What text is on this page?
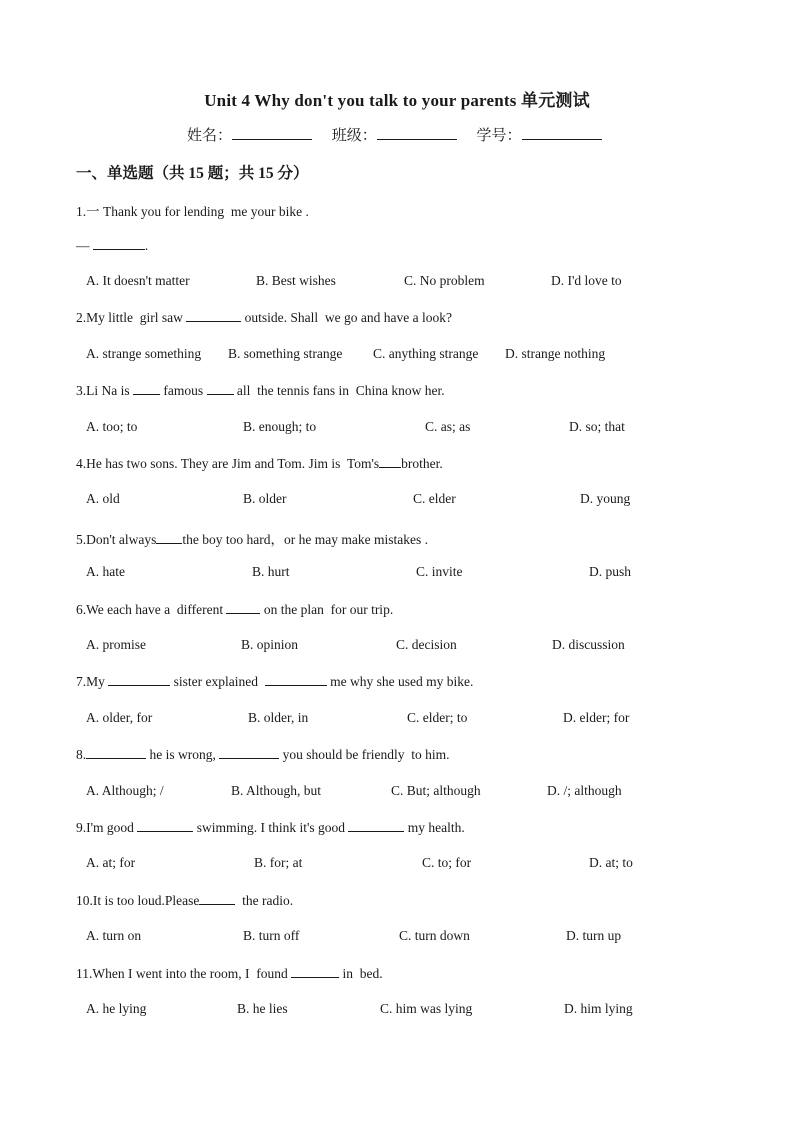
Unit 4 Why don't you talk to your parents 单元测试
姓名：	班级：	学号：
一、单选题（共 15 题；共 15 分）
1.一 Thank you for lending  me your bike .
—	.
A. It doesn't matter	B. Best wishes	C. No problem	D. I'd love to
2.My little  girl saw	outside. Shall  we go and have a look?
A. strange something B. something strange C. anything strange D. strange nothing
3.Li Na is  famous  all  the tennis fans in  China know her.
A. too; to	B. enough; to	C. as; as	D. so; that
4.He has two sons. They are Jim and Tom. Jim is  Tom's brother.
A. old	B. older	C. elder	D. young
5.Don't always the boy too hard，or he may make mistakes .
A. hate	B. hurt	C. invite	D. push
6.We each have a  different	on the plan  for our trip.
A. promise	B. opinion	C. decision	D. discussion
7.My	sister explained	me why she used my bike.
A. older, for	B. older, in	C. elder; to	D. elder; for
8.	he is wrong,	you should be friendly  to him.
A. Although; /	B. Although, but	C. But; although	D. /; although
9.I'm good	swimming. I think it's good	my health.
A. at; for	B. for; at	C. to; for	D. at; to
10.It is too loud.Please	the radio.
A. turn on	B. turn off	C. turn down	D. turn up
11.When I went into the room, I  found	in  bed.
A. he lying	B. he lies	C. him was lying	D. him lying
